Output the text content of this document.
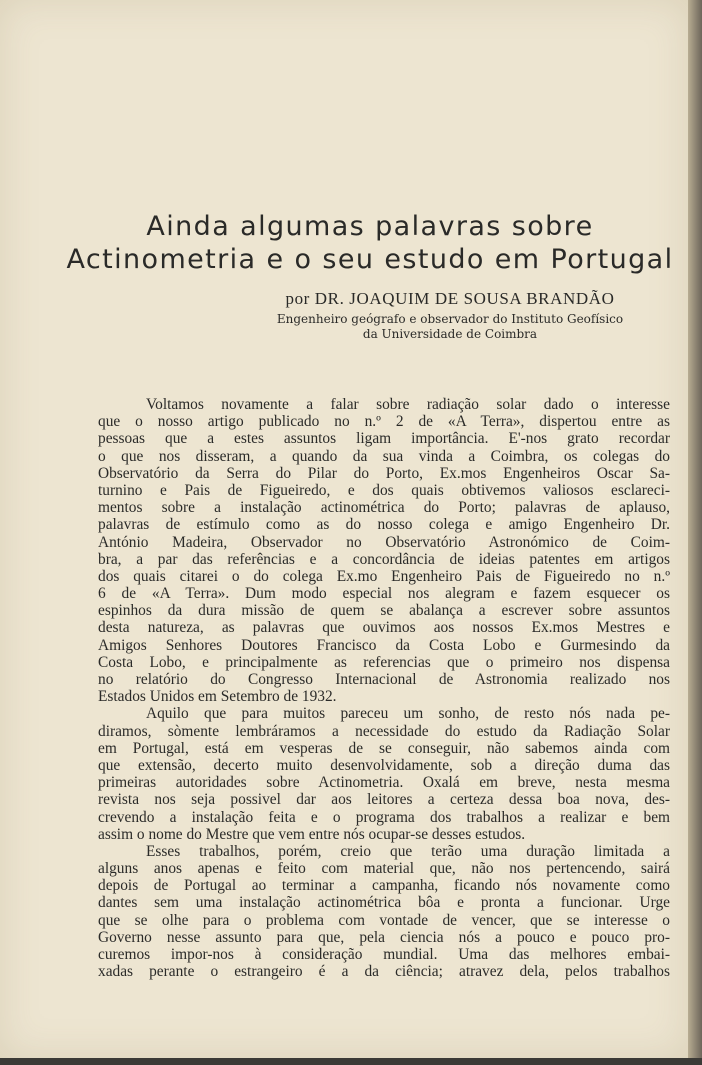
Ainda algumas palavras sobre
Actinometria e o seu estudo em Portugal
por DR. JOAQUIM DE SOUSA BRANDÃO
Engenheiro geógrafo e observador do Instituto Geofísico
da Universidade de Coimbra
Voltamos novamente a falar sobre radiação solar dado o interesse
que o nosso artigo publicado no n.º 2 de «A Terra», dispertou entre as
pessoas que a estes assuntos ligam importância. E'-nos grato recordar
o que nos disseram, a quando da sua vinda a Coimbra, os colegas do
Observatório da Serra do Pilar do Porto, Ex.mos Engenheiros Oscar Sa-
turnino e Pais de Figueiredo, e dos quais obtivemos valiosos esclareci-
mentos sobre a instalação actinométrica do Porto; palavras de aplauso,
palavras de estímulo como as do nosso colega e amigo Engenheiro Dr.
António Madeira, Observador no Observatório Astronómico de Coim-
bra, a par das referências e a concordância de ideias patentes em artigos
dos quais citarei o do colega Ex.mo Engenheiro Pais de Figueiredo no n.º
6 de «A Terra». Dum modo especial nos alegram e fazem esquecer os
espinhos da dura missão de quem se abalança a escrever sobre assuntos
desta natureza, as palavras que ouvimos aos nossos Ex.mos Mestres e
Amigos Senhores Doutores Francisco da Costa Lobo e Gurmesindo da
Costa Lobo, e principalmente as referencias que o primeiro nos dispensa
no relatório do Congresso Internacional de Astronomia realizado nos
Estados Unidos em Setembro de 1932.
Aquilo que para muitos pareceu um sonho, de resto nós nada pe-
diramos, sòmente lembráramos a necessidade do estudo da Radiação Solar
em Portugal, está em vesperas de se conseguir, não sabemos ainda com
que extensão, decerto muito desenvolvidamente, sob a direção duma das
primeiras autoridades sobre Actinometria. Oxalá em breve, nesta mesma
revista nos seja possivel dar aos leitores a certeza dessa boa nova, des-
crevendo a instalação feita e o programa dos trabalhos a realizar e bem
assim o nome do Mestre que vem entre nós ocupar-se desses estudos.
Esses trabalhos, porém, creio que terão uma duração limitada a
alguns anos apenas e feito com material que, não nos pertencendo, sairá
depois de Portugal ao terminar a campanha, ficando nós novamente como
dantes sem uma instalação actinométrica bôa e pronta a funcionar. Urge
que se olhe para o problema com vontade de vencer, que se interesse o
Governo nesse assunto para que, pela ciencia nós a pouco e pouco pro-
curemos impor-nos à consideração mundial. Uma das melhores embai-
xadas perante o estrangeiro é a da ciência; atravez dela, pelos trabalhos
